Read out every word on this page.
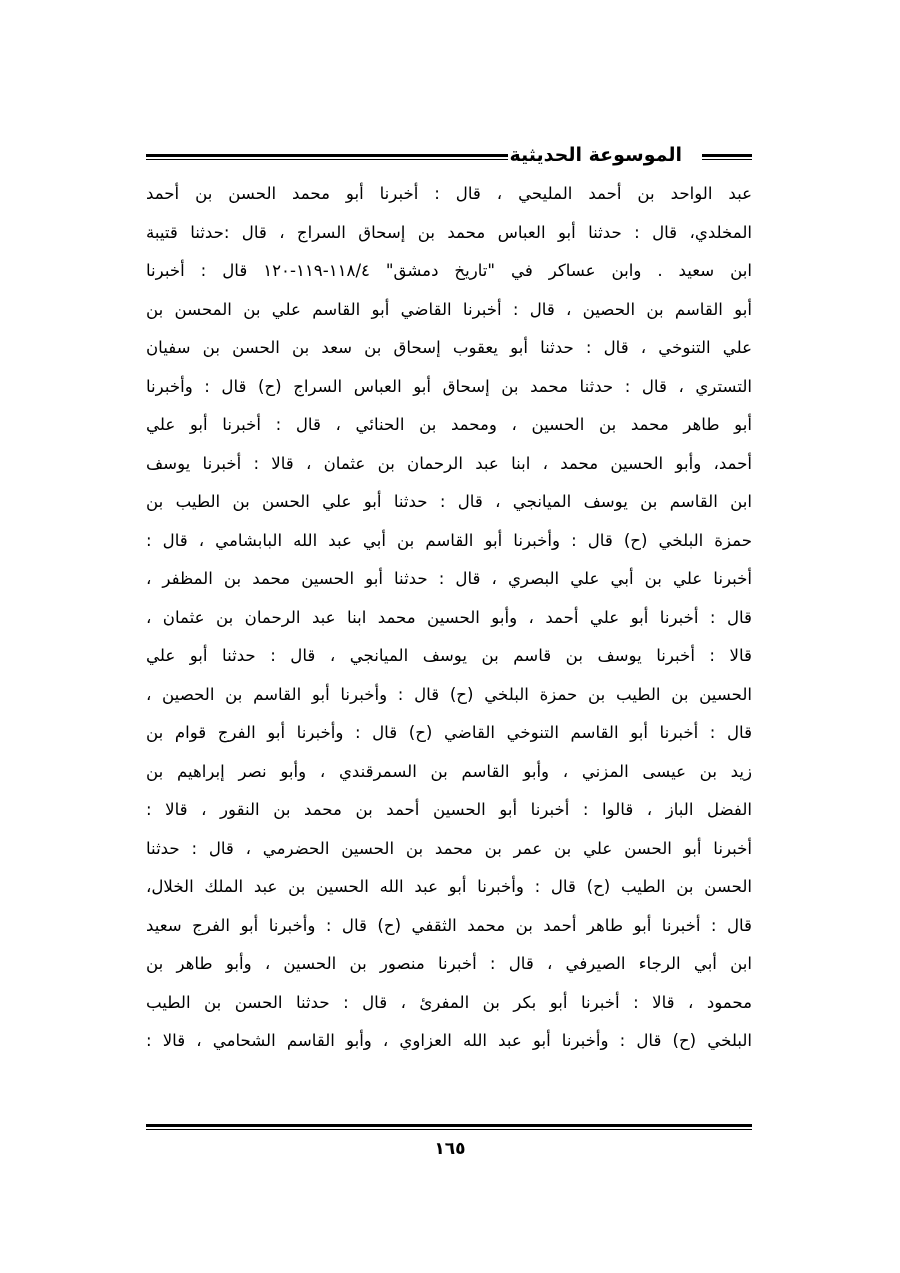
الموسوعة الحديثية
عبد الواحد بن أحمد المليحي ، قال : أخبرنا أبو محمد الحسن بن أحمد
المخلدي، قال : حدثنا أبو العباس محمد بن إسحاق السراج ، قال :حدثنا قتيبة
ابن سعيد . وابن عساكر في "تاريخ دمشق" ١١٨/٤-١١٩-١٢٠ قال : أخبرنا
أبو القاسم بن الحصين ، قال : أخبرنا القاضي أبو القاسم علي بن المحسن بن
علي التنوخي ، قال : حدثنا أبو يعقوب إسحاق بن سعد بن الحسن بن سفيان
التستري ، قال : حدثنا محمد بن إسحاق أبو العباس السراج (ح) قال : وأخبرنا
أبو طاهر محمد بن الحسين ، ومحمد بن الحنائي ، قال : أخبرنا أبو علي
أحمد، وأبو الحسين محمد ، ابنا عبد الرحمان بن عثمان ، قالا : أخبرنا يوسف
ابن القاسم بن يوسف الميانجي ، قال : حدثنا أبو علي الحسن بن الطيب بن
حمزة البلخي (ح) قال : وأخبرنا أبو القاسم بن أبي عبد الله البابشامي ، قال :
أخبرنا علي بن أبي علي البصري ، قال : حدثنا أبو الحسين محمد بن المظفر ،
قال : أخبرنا أبو علي أحمد ، وأبو الحسين محمد ابنا عبد الرحمان بن عثمان ،
قالا : أخبرنا يوسف بن قاسم بن يوسف الميانجي ، قال : حدثنا أبو علي
الحسين بن الطيب بن حمزة البلخي (ح) قال : وأخبرنا أبو القاسم بن الحصين ،
قال : أخبرنا أبو القاسم التنوخي القاضي (ح) قال : وأخبرنا أبو الفرج قوام بن
زيد بن عيسى المزني ، وأبو القاسم بن السمرقندي ، وأبو نصر إبراهيم بن
الفضل الباز ، قالوا : أخبرنا أبو الحسين أحمد بن محمد بن النقور ، قالا :
أخبرنا أبو الحسن علي بن عمر بن محمد بن الحسين الحضرمي ، قال : حدثنا
الحسن بن الطيب (ح) قال : وأخبرنا أبو عبد الله الحسين بن عبد الملك الخلال،
قال : أخبرنا أبو طاهر أحمد بن محمد الثقفي (ح) قال : وأخبرنا أبو الفرج سعيد
ابن أبي الرجاء الصيرفي ، قال : أخبرنا منصور بن الحسين ، وأبو طاهر بن
محمود ، قالا : أخبرنا أبو بكر بن المفرئ ، قال : حدثنا الحسن بن الطيب
البلخي (ح) قال : وأخبرنا أبو عبد الله العزاوي ، وأبو القاسم الشحامي ، قالا :
١٦٥
